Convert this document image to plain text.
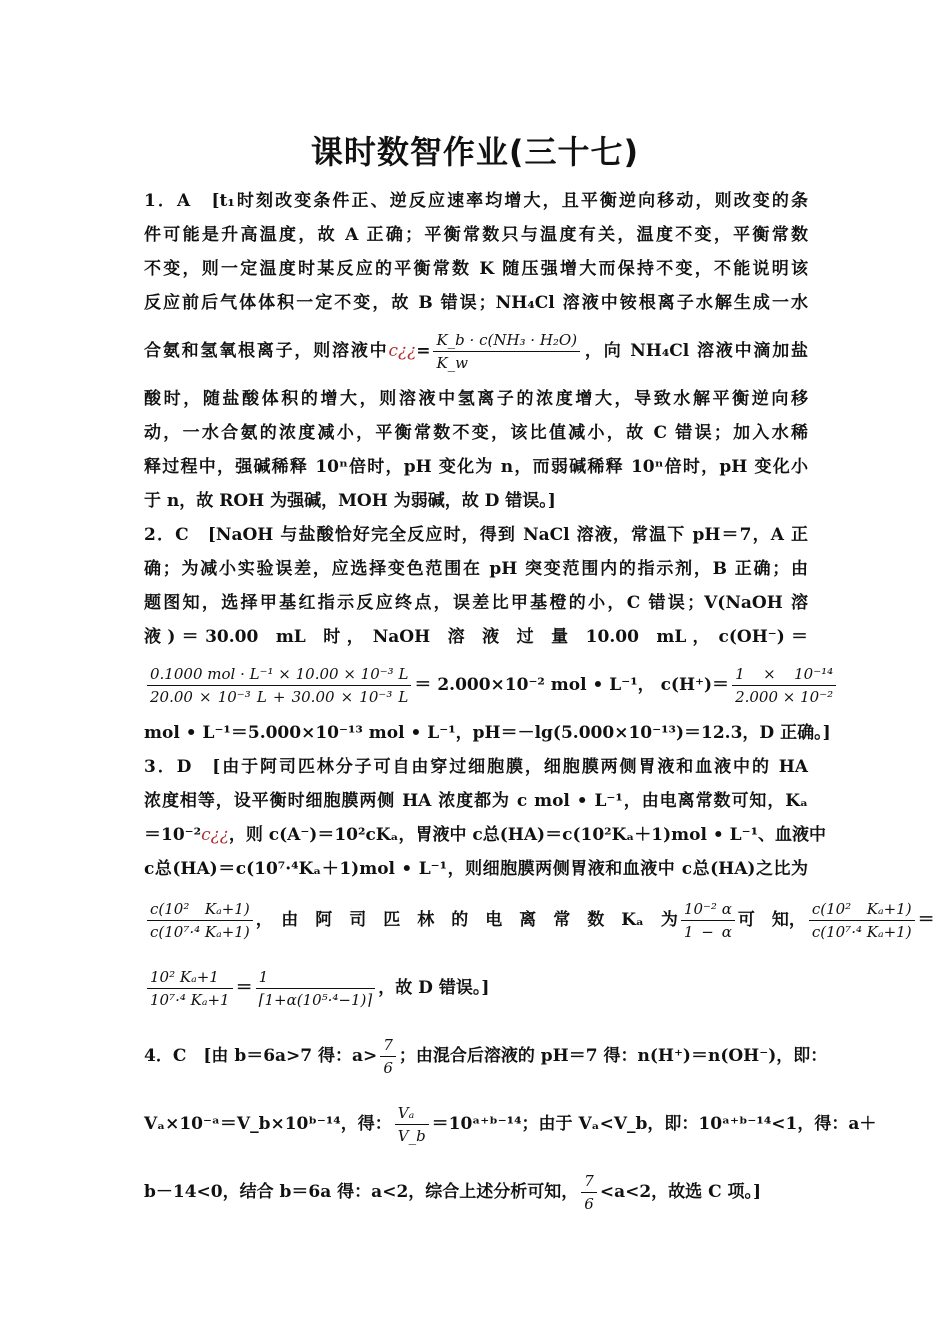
课时数智作业(三十七)
1．A　[t₁时刻改变条件正、逆反应速率均增大，且平衡逆向移动，则改变的条
件可能是升高温度，故 A 正确；平衡常数只与温度有关，温度不变，平衡常数
不变，则一定温度时某反应的平衡常数 K 随压强增大而保持不变，不能说明该
反应前后气体体积一定不变，故 B 错误；NH₄Cl 溶液中铵根离子水解生成一水
合氨和氢氧根离子，则溶液中c¿¿= $\frac{\text{K\_b · c(NH₃ · H₂O)}}{K\_w}$ ，向 NH₄Cl 溶液中滴加盐
酸时，随盐酸体积的增大，则溶液中氢离子的浓度增大，导致水解平衡逆向移
动，一水合氨的浓度减小，平衡常数不变，该比值减小，故 C 错误；加入水稀
释过程中，强碱稀释 10ⁿ倍时，pH 变化为 n，而弱碱稀释 10ⁿ倍时，pH 变化小
于 n，故 ROH 为强碱，MOH 为弱碱，故 D 错误。]
2．C　[NaOH 与盐酸恰好完全反应时，得到 NaCl 溶液，常温下 pH＝7，A 正
确；为减小实验误差，应选择变色范围在 pH 突变范围内的指示剂，B 正确；由
题图知，选择甲基红指示反应终点，误差比甲基橙的小，C 错误；V(NaOH 溶
液 ) ＝ 30.00　mL　时 ，　NaOH　溶　液　过　量　10.00　mL ，　c(OH⁻) ＝
$\frac{\text{0.1000 mol · L⁻¹ × 10.00 × 10⁻³ L}}{\text{20.00 × 10⁻³ L + 30.00 × 10⁻³ L}} = 2.000\times 10^{-2}$ mol • L⁻¹， $c(H^+)= \frac{\text{1 × 10⁻¹⁴}}{\text{2.000 × 10⁻²}}$
mol • L⁻¹＝5.000×10⁻¹³ mol • L⁻¹，pH＝－lg(5.000×10⁻¹³)＝12.3，D 正确。]
3．D　[由于阿司匹林分子可自由穿过细胞膜，细胞膜两侧胃液和血液中的 HA
浓度相等，设平衡时细胞膜两侧 HA 浓度都为 c mol • L⁻¹，由电离常数可知，Kₐ
＝10⁻²c¿¿，则 c(A⁻)＝10²cKₐ，胃液中 c总(HA)＝c(10²Kₐ＋1)mol • L⁻¹、血液中
c总(HA)＝c(10⁷·⁴Kₐ＋1)mol • L⁻¹，则细胞膜两侧胃液和血液中 c总(HA)之比为
$\frac{\text{c(10² Kₐ+1)}}{\text{c(10⁷·⁴ Kₐ+1)}}$ ，　由　阿　司　匹　林　的　电　离　常　数　Kₐ　为 $\frac{\text{10⁻² α}}{1 - \alpha}$ 可　知， $\frac{\text{c(10² Kₐ+1)}}{\text{c(10⁷·⁴ Kₐ+1)}}$ ＝
$\frac{\text{10² Kₐ+1}}{\text{10⁷·⁴ Kₐ+1}} = \frac{1}{\text{⌈1+α(10⁵·⁴−1)⌉}}$ ，故 D 错误。]
4．C　[由 b＝6a>7 得：$a> \frac{7}{6}$ ；由混合后溶液的 pH＝7 得：n(H⁺)＝n(OH⁻)，即：
Vₐ×10⁻ᵃ＝V_b×10ᵇ⁻¹⁴，得： $\frac{\text{Vₐ}}{V\_b}$ ＝10ᵃ⁺ᵇ⁻¹⁴；由于 Vₐ<V_b，即：10ᵃ⁺ᵇ⁻¹⁴<1，得：a＋
b－14<0，结合 b＝6a 得：a<2，综合上述分析可知， $\frac{7}{6} <a<2$，故选 C 项。]
